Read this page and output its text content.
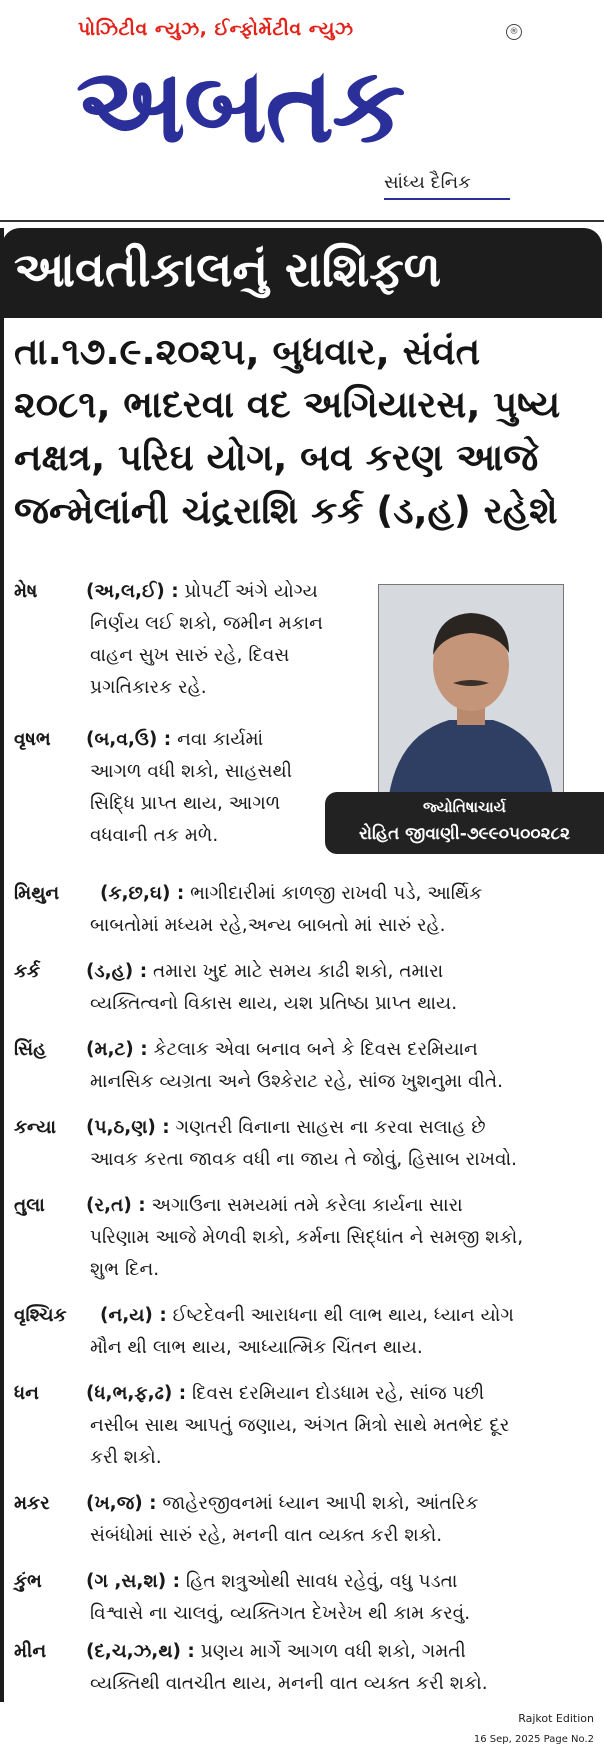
પોઝિટીવ ન્યુઝ, ઈન્ફોર્મેટીવ ન્યુઝ	®
અબતક
સાંધ્ય દૈનિક
આવતીકાલનું રાશિફળ
તા.૧૭.૯.૨૦૨૫, બુધવાર, સંવંત
૨૦૮૧, ભાદરવા વદ અગિયારસ, પુષ્ય
નક્ષત્ર, પરિઘ યોગ, બવ કરણ આજે
જન્મેલાંની ચંદ્રરાશિ કર્ક (ડ,હ) રહેશે
જ્યોતિષાચાર્ય
રોહિત જીવાણી-૭૯૯૦૫૦૦૨૮૨
મેષ	(અ,લ,ઈ) : પ્રોપર્ટી અંગે યોગ્ય
નિર્ણય લઈ શકો, જમીન મકાન
વાહન સુખ સારું રહે, દિવસ
પ્રગતિકારક રહે.
વૃષભ (બ,વ,ઉ) : નવા કાર્યમાં
આગળ વધી શકો, સાહસથી
સિદ્ધિ પ્રાપ્ત થાય, આગળ
વધવાની તક મળે.
મિથુન (ક,છ,ઘ) : ભાગીદારીમાં કાળજી રાખવી પડે, આર્થિક
બાબતોમાં મધ્યમ રહે,અન્ય બાબતો માં સારું રહે.
કર્ક (ડ,હ) : તમારા ખુદ માટે સમય કાઢી શકો, તમારા
વ્યક્તિત્વનો વિકાસ થાય, યશ પ્રતિષ્ઠા પ્રાપ્ત થાય.
સિંહ (મ,ટ) : કેટલાક એવા બનાવ બને કે દિવસ દરમિયાન
માનસિક વ્યગ્રતા અને ઉશ્કેરાટ રહે, સાંજ ખુશનુમા વીતે.
કન્યા (પ,ઠ,ણ) : ગણતરી વિનાના સાહસ ના કરવા સલાહ છે
આવક કરતા જાવક વધી ના જાય તે જોવું, હિસાબ રાખવો.
તુલા (ર,ત) : અગાઉના સમયમાં તમે કરેલા કાર્યના સારા
પરિણામ આજે મેળવી શકો, કર્મના સિદ્ધાંત ને સમજી શકો,
શુભ દિન.
વૃશ્ચિક (ન,ય) : ઈષ્ટદેવની આરાધના થી લાભ થાય, ધ્યાન યોગ
મૌન થી લાભ થાય, આધ્યાત્મિક ચિંતન થાય.
ધન	(ધ,ભ,ફ,ઢ) : દિવસ દરમિયાન દોડધામ રહે, સાંજ પછી
નસીબ સાથ આપતું જણાય, અંગત મિત્રો સાથે મતભેદ દૂર
કરી શકો.
મકર (ખ,જ) : જાહેરજીવનમાં ધ્યાન આપી શકો, આંતરિક
સંબંધોમાં સારું રહે, મનની વાત વ્યક્ત કરી શકો.
કુંભ (ગ ,સ,શ) : હિત શત્રુઓથી સાવધ રહેવું, વધુ પડતા
વિશ્વાસે ના ચાલવું, વ્યક્તિગત દેખરેખ થી કામ કરવું.
મીન (દ,ચ,ઝ,થ) : પ્રણય માર્ગે આગળ વધી શકો, ગમતી
વ્યક્તિથી વાતચીત થાય, મનની વાત વ્યક્ત કરી શકો.
Rajkot Edition
16 Sep, 2025 Page No.2
